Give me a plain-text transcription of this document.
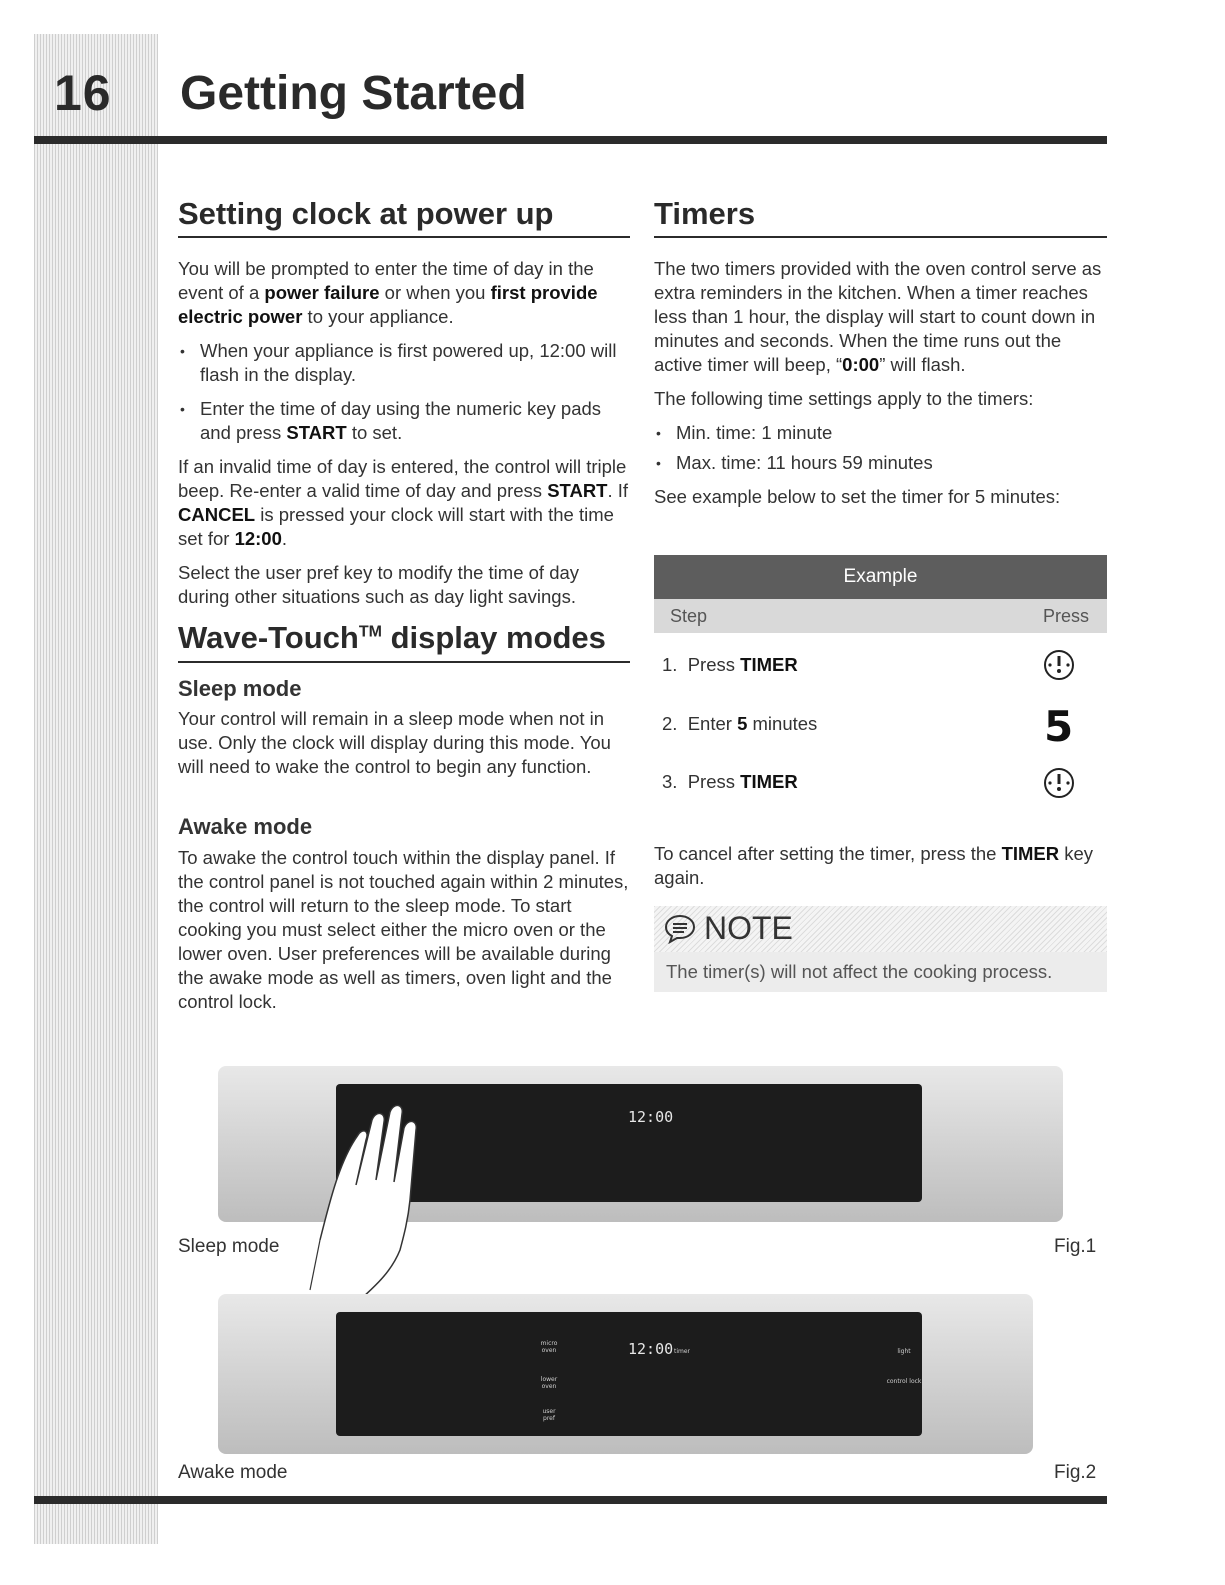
16 Getting Started
Setting clock at power up

You will be prompted to enter the time of day in the event of a power failure or when you first provide electric power to your appliance.

• When your appliance is first powered up, 12:00 will flash in the display.
• Enter the time of day using the numeric key pads and press START to set.

If an invalid time of day is entered, the control will triple beep. Re-enter a valid time of day and press START. If CANCEL is pressed your clock will start with the time set for 12:00.

Select the user pref key to modify the time of day during other situations such as day light savings.

Wave-Touch™ display modes
Sleep mode
Your control will remain in a sleep mode when not in use. Only the clock will display during this mode. You will need to wake the control to begin any function.
Awake mode
To awake the control touch within the display panel. If the control panel is not touched again within 2 minutes, the control will return to the sleep mode. To start cooking you must select either the micro oven or the lower oven. User preferences will be available during the awake mode as well as timers, oven light and the control lock.
Timers

The two timers provided with the oven control serve as extra reminders in the kitchen. When a timer reaches less than 1 hour, the display will start to count down in minutes and seconds. When the time runs out the active timer will beep, “0:00” will flash.

The following time settings apply to the timers:

• Min. time: 1 minute
• Max. time: 11 hours 59 minutes

See example below to set the timer for 5 minutes:

Example
Step	Press
1. Press TIMER
2. Enter 5 minutes	5
3. Press TIMER
To cancel after setting the timer, press the TIMER key again.
NOTE
The timer(s) will not affect the cooking process.
12:00
Sleep mode	Fig.1
12:00
micro oven
lower oven
user pref
timer	light
control lock
Awake mode	Fig.2
